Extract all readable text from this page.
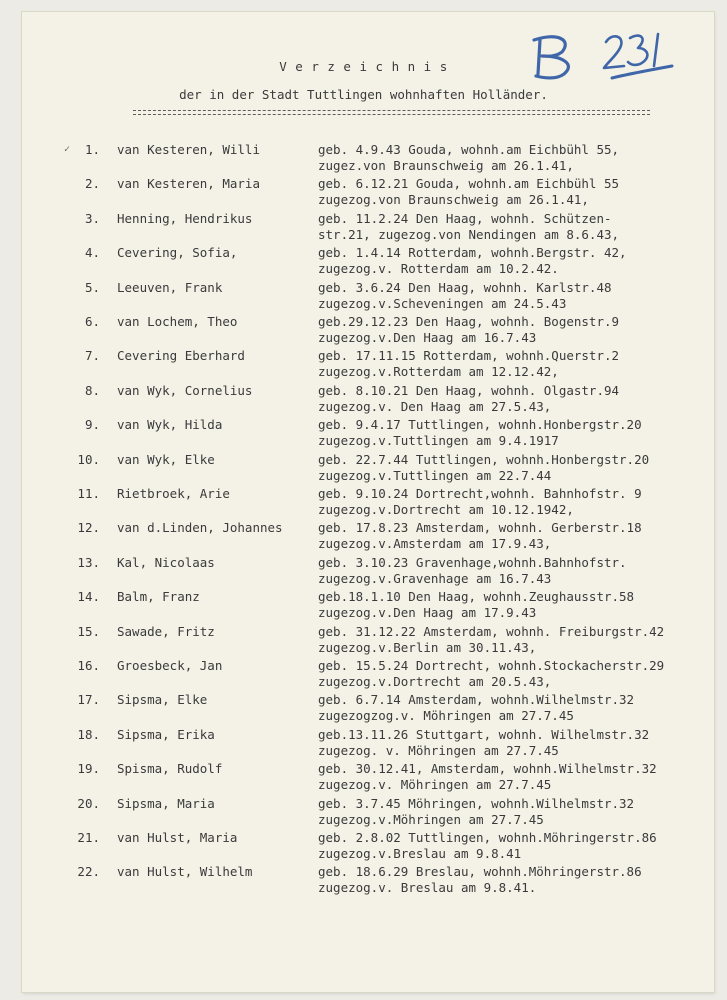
V e r z e i c h n i s
der in der Stadt Tuttlingen wohnhaften Holländer.
✓ 1. van Kesteren, Willi	geb. 4.9.43 Gouda, wohnh.am Eichbühl 55,
zugez.von Braunschweig am 26.1.41,
2. van Kesteren, Maria	geb. 6.12.21 Gouda, wohnh.am Eichbühl 55
zugezog.von Braunschweig am 26.1.41,
3. Henning, Hendrikus	geb. 11.2.24 Den Haag, wohnh. Schützen-
str.21, zugezog.von Nendingen am 8.6.43,
4. Cevering, Sofia,	geb. 1.4.14 Rotterdam, wohnh.Bergstr. 42,
zugezog.v. Rotterdam am 10.2.42.
5. Leeuven, Frank	geb. 3.6.24 Den Haag, wohnh. Karlstr.48
zugezog.v.Scheveningen am 24.5.43
6. van Lochem, Theo	geb.29.12.23 Den Haag, wohnh. Bogenstr.9
zugezog.v.Den Haag am 16.7.43
7. Cevering Eberhard	geb. 17.11.15 Rotterdam, wohnh.Querstr.2
zugezog.v.Rotterdam am 12.12.42,
8. van Wyk, Cornelius	geb. 8.10.21 Den Haag, wohnh. Olgastr.94
zugezog.v. Den Haag am 27.5.43,
9. van Wyk, Hilda	geb. 9.4.17 Tuttlingen, wohnh.Honbergstr.20
zugezog.v.Tuttlingen am 9.4.1917
10. van Wyk, Elke	geb. 22.7.44 Tuttlingen, wohnh.Honbergstr.20
zugezog.v.Tuttlingen am 22.7.44
11. Rietbroek, Arie	geb. 9.10.24 Dortrecht,wohnh. Bahnhofstr. 9
zugezog.v.Dortrecht am 10.12.1942,
12. van d.Linden, Johannes	geb. 17.8.23 Amsterdam, wohnh. Gerberstr.18
zugezog.v.Amsterdam am 17.9.43,
13. Kal, Nicolaas	geb. 3.10.23 Gravenhage,wohnh.Bahnhofstr.
zugezog.v.Gravenhage am 16.7.43
14. Balm, Franz	geb.18.1.10 Den Haag, wohnh.Zeughausstr.58
zugezog.v.Den Haag am 17.9.43
15. Sawade, Fritz	geb. 31.12.22 Amsterdam, wohnh. Freiburgstr.42
zugezog.v.Berlin am 30.11.43,
16. Groesbeck, Jan	geb. 15.5.24 Dortrecht, wohnh.Stockacherstr.29
zugezog.v.Dortrecht am 20.5.43,
17. Sipsma, Elke	geb. 6.7.14 Amsterdam, wohnh.Wilhelmstr.32
zugezogzog.v. Möhringen am 27.7.45
18. Sipsma, Erika	geb.13.11.26 Stuttgart, wohnh. Wilhelmstr.32
zugezog. v. Möhringen am 27.7.45
19. Spisma, Rudolf	geb. 30.12.41, Amsterdam, wohnh.Wilhelmstr.32
zugezog.v. Möhringen am 27.7.45
20. Sipsma, Maria	geb. 3.7.45 Möhringen, wohnh.Wilhelmstr.32
zugezog.v.Möhringen am 27.7.45
21. van Hulst, Maria	geb. 2.8.02 Tuttlingen, wohnh.Möhringerstr.86
zugezog.v.Breslau am 9.8.41
22. van Hulst, Wilhelm	geb. 18.6.29 Breslau, wohnh.Möhringerstr.86
zugezog.v. Breslau am 9.8.41.
